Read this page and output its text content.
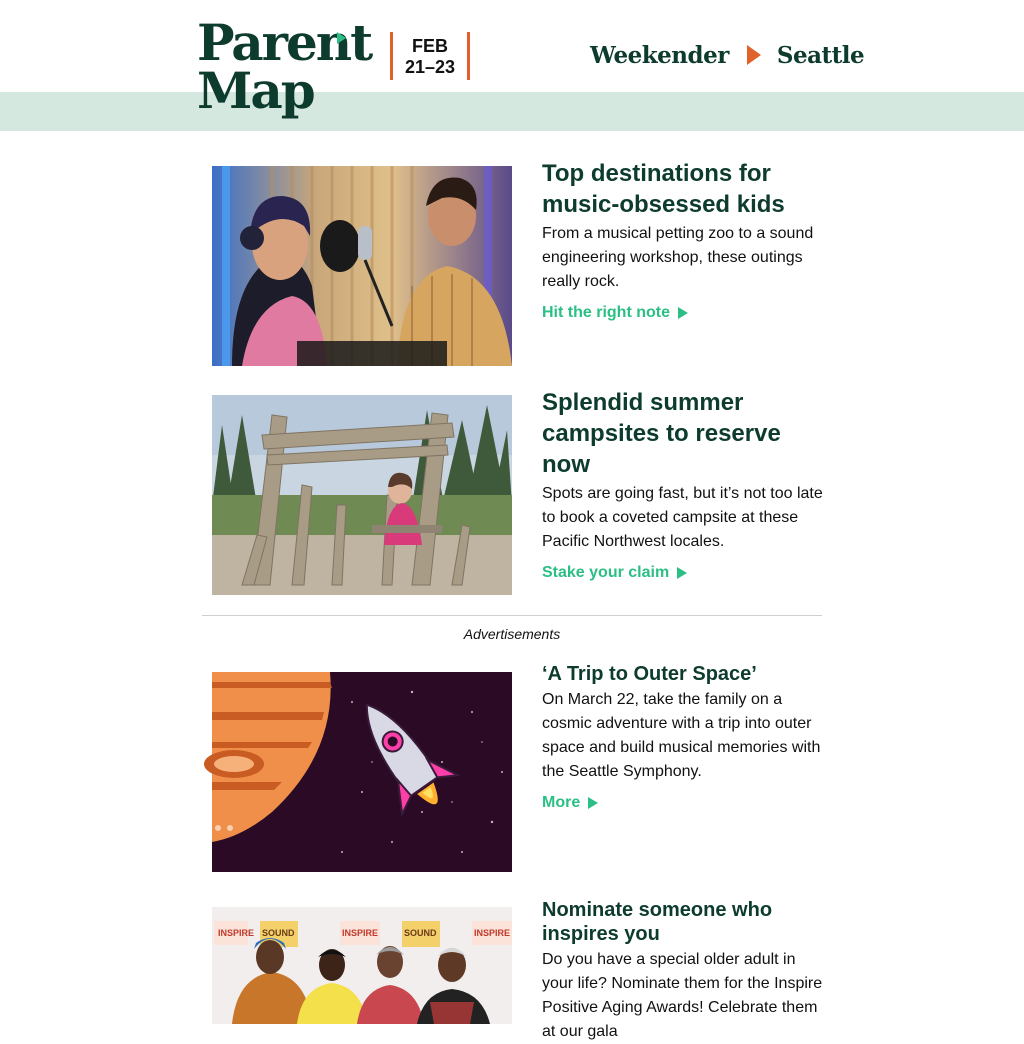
Parent
Map
FEB
21–23	Weekender Seattle
Top destinations for music-obsessed kids
From a musical petting zoo to a sound engineering workshop, these outings really rock.
Hit the right note
Splendid summer campsites to reserve now
Spots are going fast, but it’s not too late to book a coveted campsite at these Pacific Northwest locales.
Stake your claim
Advertisements
‘A Trip to Outer Space’
On March 22, take the family on a cosmic adventure with a trip into outer space and build musical memories with the Seattle Symphony.
More
INSPIRE SOUND	INSPIRE	SOUND	INSPIRE
Nominate someone who inspires you
Do you have a special older adult in your life? Nominate them for the Inspire Positive Aging Awards! Celebrate them at our gala
